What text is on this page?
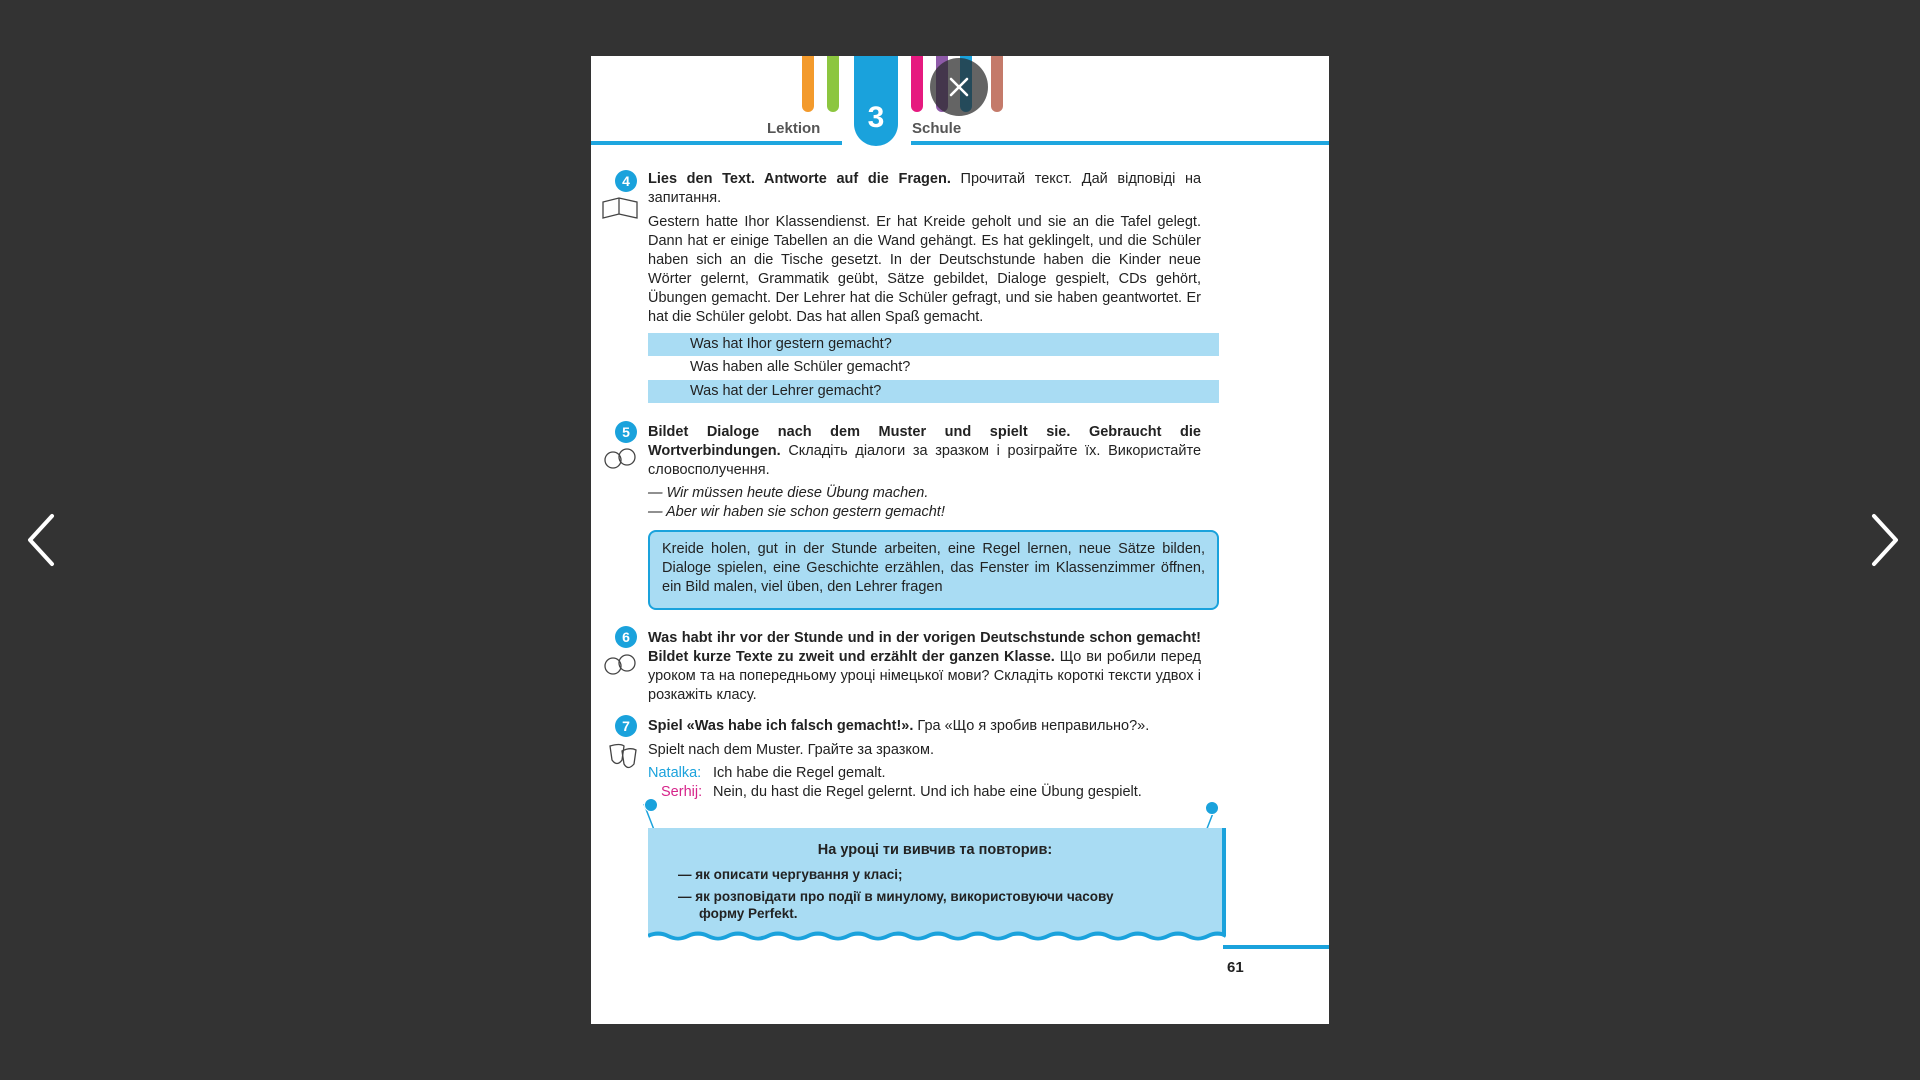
3
Lektion	Schule
4	Lies den Text. Antworte auf die Fragen. Прочитай текст. Дай відповіді на запитання.
Gestern hatte Ihor Klassendienst. Er hat Kreide geholt und sie an die Tafel gelegt. Dann hat er einige Tabellen an die Wand gehängt. Es hat geklingelt, und die Schüler haben sich an die Tische gesetzt. In der Deutschstunde haben die Kinder neue Wörter gelernt, Grammatik geübt, Sätze gebildet, Dialoge gespielt, CDs gehört, Übungen gemacht. Der Lehrer hat die Schüler gefragt, und sie haben geantwortet. Er hat die Schüler gelobt. Das hat allen Spaß gemacht.
Was hat Ihor gestern gemacht?
Was haben alle Schüler gemacht?
Was hat der Lehrer gemacht?
5	Bildet Dialoge nach dem Muster und spielt sie. Gebraucht die Wortverbindungen. Складіть діалоги за зразком і розіграйте їх. Використайте словосполучення.
— Wir müssen heute diese Übung machen.
— Aber wir haben sie schon gestern gemacht!
Kreide holen, gut in der Stunde arbeiten, eine Regel lernen, neue Sätze bilden, Dialoge spielen, eine Geschichte erzählen, das Fenster im Klassenzimmer öffnen, ein Bild malen, viel üben, den Lehrer fragen
6	Was habt ihr vor der Stunde und in der vorigen Deutschstunde schon gemacht! Bildet kurze Texte zu zweit und erzählt der ganzen Klasse. Що ви робили перед уроком та на попередньому уроці німецької мови? Складіть короткі тексти удвох і розкажіть класу.
7	Spiel «Was habe ich falsch gemacht!». Гра «Що я зробив неправильно?».
Spielt nach dem Muster. Грайте за зразком.
Natalka: Ich habe die Regel gemalt.
Serhij: Nein, du hast die Regel gelernt. Und ich habe eine Übung gespielt.
На уроці ти вивчив та повторив:
— як описати чергування у класі;
— як розповідати про події в минулому, використовуючи часову
форму Perfekt.
61
